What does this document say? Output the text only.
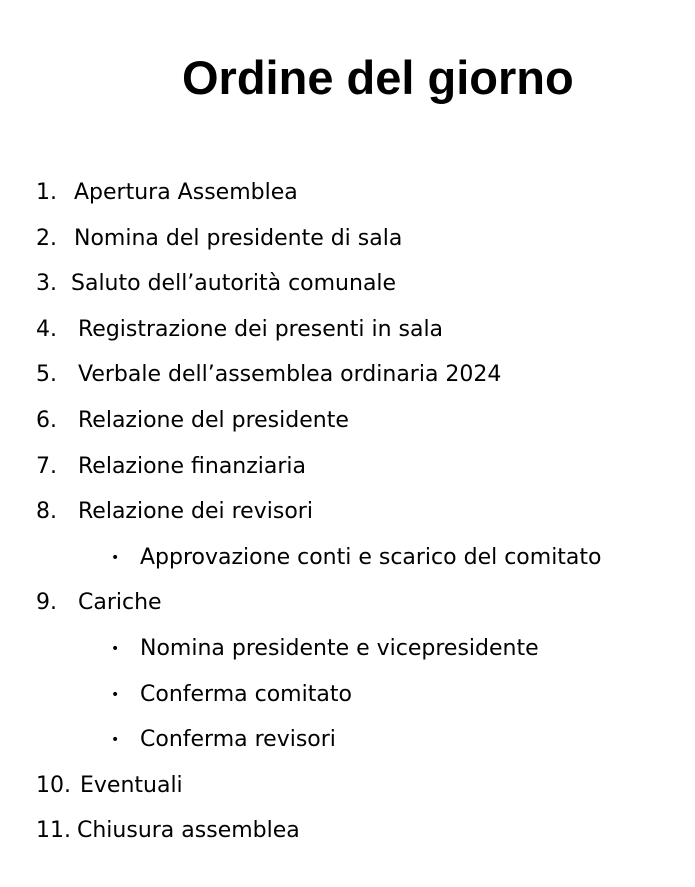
Ordine del giorno
1. Apertura Assemblea
2. Nomina del presidente di sala
3. Saluto dell’autorità comunale
4. Registrazione dei presenti in sala
5. Verbale dell’assemblea ordinaria 2024
6. Relazione del presidente
7. Relazione finanziaria
8. Relazione dei revisori
• Approvazione conti e scarico del comitato
9. Cariche
• Nomina presidente e vicepresidente
• Conferma comitato
• Conferma revisori
10. Eventuali
11. Chiusura assemblea
